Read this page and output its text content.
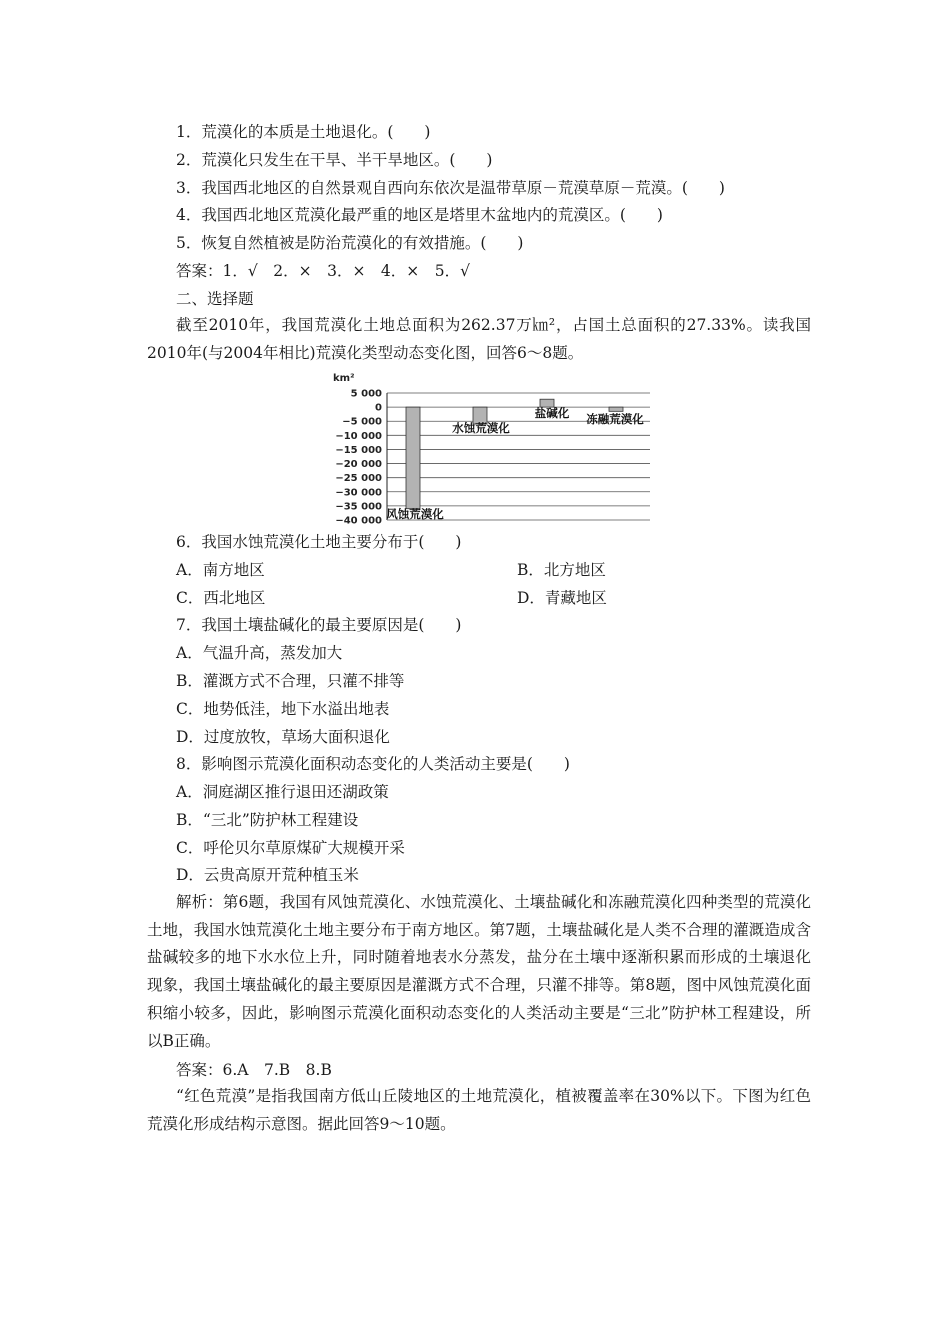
1．荒漠化的本质是土地退化。(　　)
2．荒漠化只发生在干旱、半干旱地区。(　　)
3．我国西北地区的自然景观自西向东依次是温带草原－荒漠草原－荒漠。(　　)
4．我国西北地区荒漠化最严重的地区是塔里木盆地内的荒漠区。(　　)
5．恢复自然植被是防治荒漠化的有效措施。(　　)
答案：1．√　2．×　3．×　4．×　5．√
二、选择题
截至2010年，我国荒漠化土地总面积为262.37万㎞²，占国土总面积的27.33%。读我国2010年(与2004年相比)荒漠化类型动态变化图，回答6～8题。
km²
5 000
0
−5 000
−10 000
−15 000
−20 000
−25 000
−30 000
−35 000
−40 000 风蚀荒漠化
水蚀荒漠化
盐碱化 冻融荒漠化
6．我国水蚀荒漠化土地主要分布于(　　)
A．南方地区	B．北方地区
C．西北地区	D．青藏地区
7．我国土壤盐碱化的最主要原因是(　　)
A．气温升高，蒸发加大
B．灌溉方式不合理，只灌不排等
C．地势低洼，地下水溢出地表
D．过度放牧，草场大面积退化
8．影响图示荒漠化面积动态变化的人类活动主要是(　　)
A．洞庭湖区推行退田还湖政策
B．“三北”防护林工程建设
C．呼伦贝尔草原煤矿大规模开采
D．云贵高原开荒种植玉米
解析：第6题，我国有风蚀荒漠化、水蚀荒漠化、土壤盐碱化和冻融荒漠化四种类型的荒漠化土地，我国水蚀荒漠化土地主要分布于南方地区。第7题，土壤盐碱化是人类不合理的灌溉造成含盐碱较多的地下水水位上升，同时随着地表水分蒸发，盐分在土壤中逐渐积累而形成的土壤退化现象，我国土壤盐碱化的最主要原因是灌溉方式不合理，只灌不排等。第8题，图中风蚀荒漠化面积缩小较多，因此，影响图示荒漠化面积动态变化的人类活动主要是“三北”防护林工程建设，所以B正确。
答案：6.A　7.B　8.B
“红色荒漠”是指我国南方低山丘陵地区的土地荒漠化，植被覆盖率在30%以下。下图为红色荒漠化形成结构示意图。据此回答9～10题。
